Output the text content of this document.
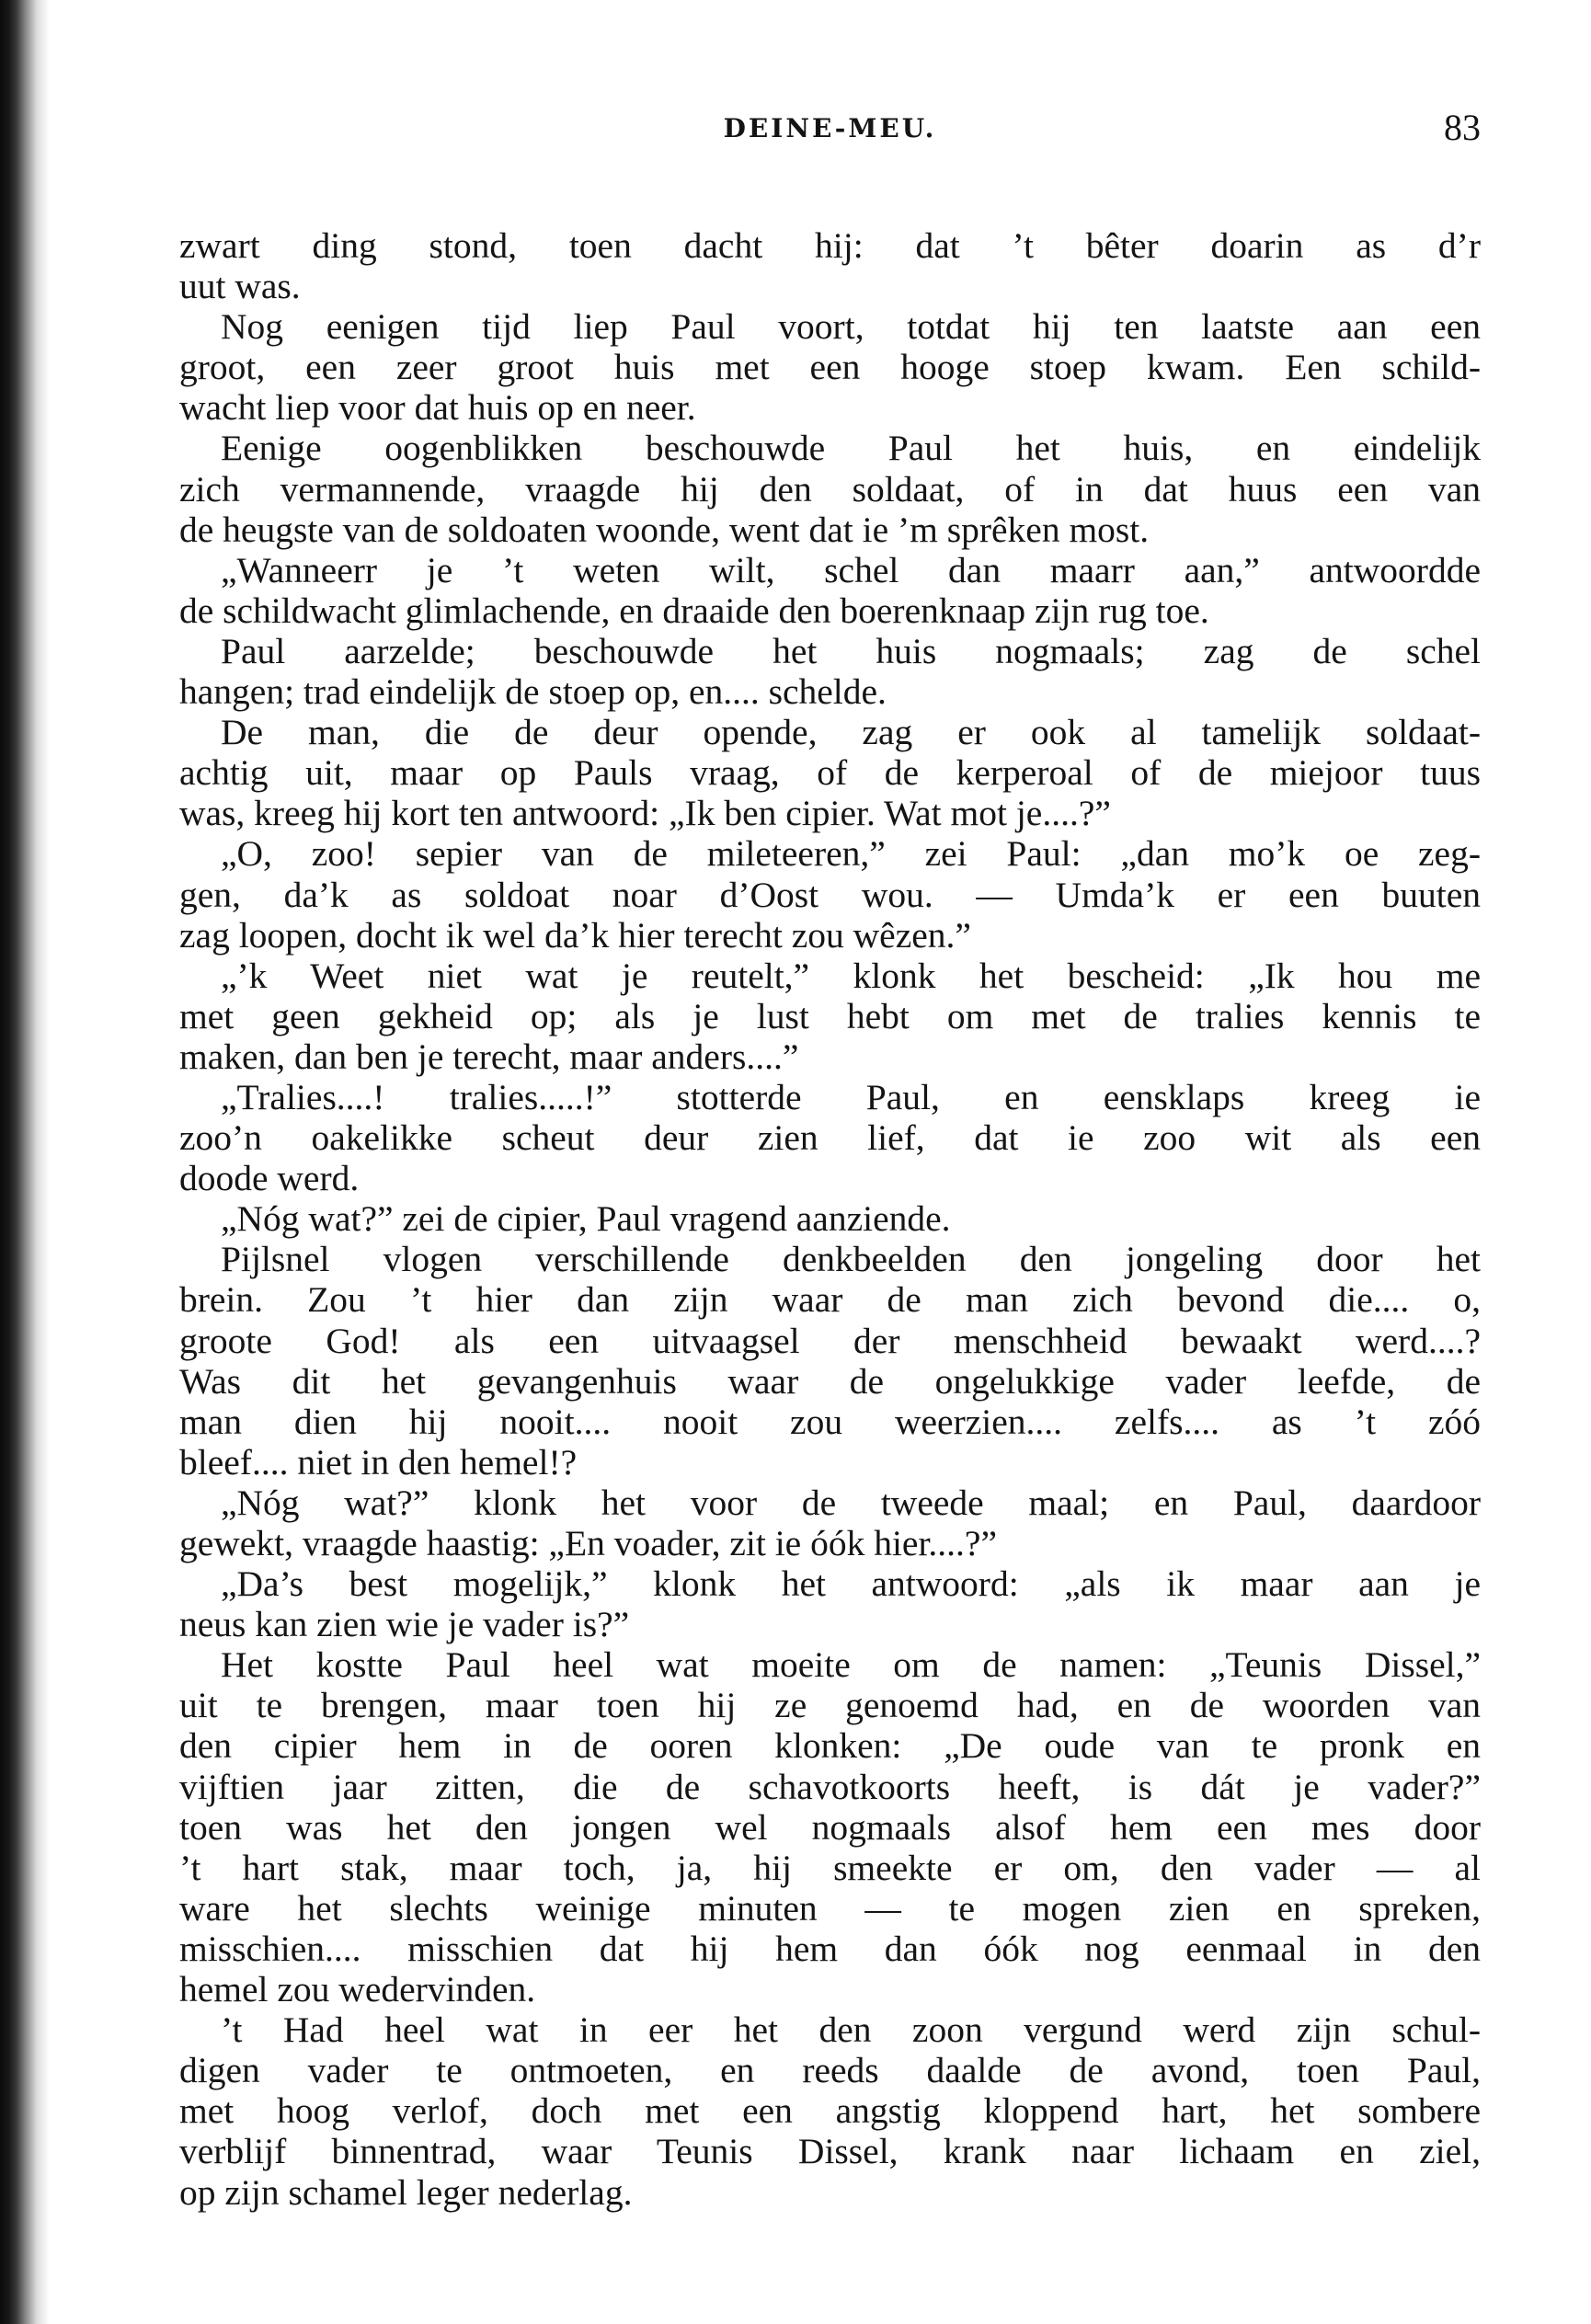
DEINE-MEU.	83
zwart ding stond, toen dacht hij: dat ’t bêter doarin as d’r
uut was.
Nog eenigen tijd liep Paul voort, totdat hij ten laatste aan een
groot, een zeer groot huis met een hooge stoep kwam. Een schild-
wacht liep voor dat huis op en neer.
Eenige oogenblikken beschouwde Paul het huis, en eindelijk
zich vermannende, vraagde hij den soldaat, of in dat huus een van
de heugste van de soldoaten woonde, went dat ie ’m sprêken most.
„Wanneerr je ’t weten wilt, schel dan maarr aan,” antwoordde
de schildwacht glimlachende, en draaide den boerenknaap zijn rug toe.
Paul aarzelde; beschouwde het huis nogmaals; zag de schel
hangen; trad eindelijk de stoep op, en.... schelde.
De man, die de deur opende, zag er ook al tamelijk soldaat-
achtig uit, maar op Pauls vraag, of de kerperoal of de miejoor tuus
was, kreeg hij kort ten antwoord: „Ik ben cipier. Wat mot je....?”
„O, zoo! sepier van de mileteeren,” zei Paul: „dan mo’k oe zeg-
gen, da’k as soldoat noar d’Oost wou. — Umda’k er een buuten
zag loopen, docht ik wel da’k hier terecht zou wêzen.”
„’k Weet niet wat je reutelt,” klonk het bescheid: „Ik hou me
met geen gekheid op; als je lust hebt om met de tralies kennis te
maken, dan ben je terecht, maar anders....”
„Tralies....! tralies.....!” stotterde Paul, en eensklaps kreeg ie
zoo’n oakelikke scheut deur zien lief, dat ie zoo wit als een
doode werd.
„Nóg wat?” zei de cipier, Paul vragend aanziende.
Pijlsnel vlogen verschillende denkbeelden den jongeling door het
brein. Zou ’t hier dan zijn waar de man zich bevond die.... o,
groote God! als een uitvaagsel der menschheid bewaakt werd....?
Was dit het gevangenhuis waar de ongelukkige vader leefde, de
man dien hij nooit.... nooit zou weerzien.... zelfs.... as ’t zóó
bleef.... niet in den hemel!?
„Nóg wat?” klonk het voor de tweede maal; en Paul, daardoor
gewekt, vraagde haastig: „En voader, zit ie óók hier....?”
„Da’s best mogelijk,” klonk het antwoord: „als ik maar aan je
neus kan zien wie je vader is?”
Het kostte Paul heel wat moeite om de namen: „Teunis Dissel,”
uit te brengen, maar toen hij ze genoemd had, en de woorden van
den cipier hem in de ooren klonken: „De oude van te pronk en
vijftien jaar zitten, die de schavotkoorts heeft, is dát je vader?”
toen was het den jongen wel nogmaals alsof hem een mes door
’t hart stak, maar toch, ja, hij smeekte er om, den vader — al
ware het slechts weinige minuten — te mogen zien en spreken,
misschien.... misschien dat hij hem dan óók nog eenmaal in den
hemel zou wedervinden.
’t Had heel wat in eer het den zoon vergund werd zijn schul-
digen vader te ontmoeten, en reeds daalde de avond, toen Paul,
met hoog verlof, doch met een angstig kloppend hart, het sombere
verblijf binnentrad, waar Teunis Dissel, krank naar lichaam en ziel,
op zijn schamel leger nederlag.
